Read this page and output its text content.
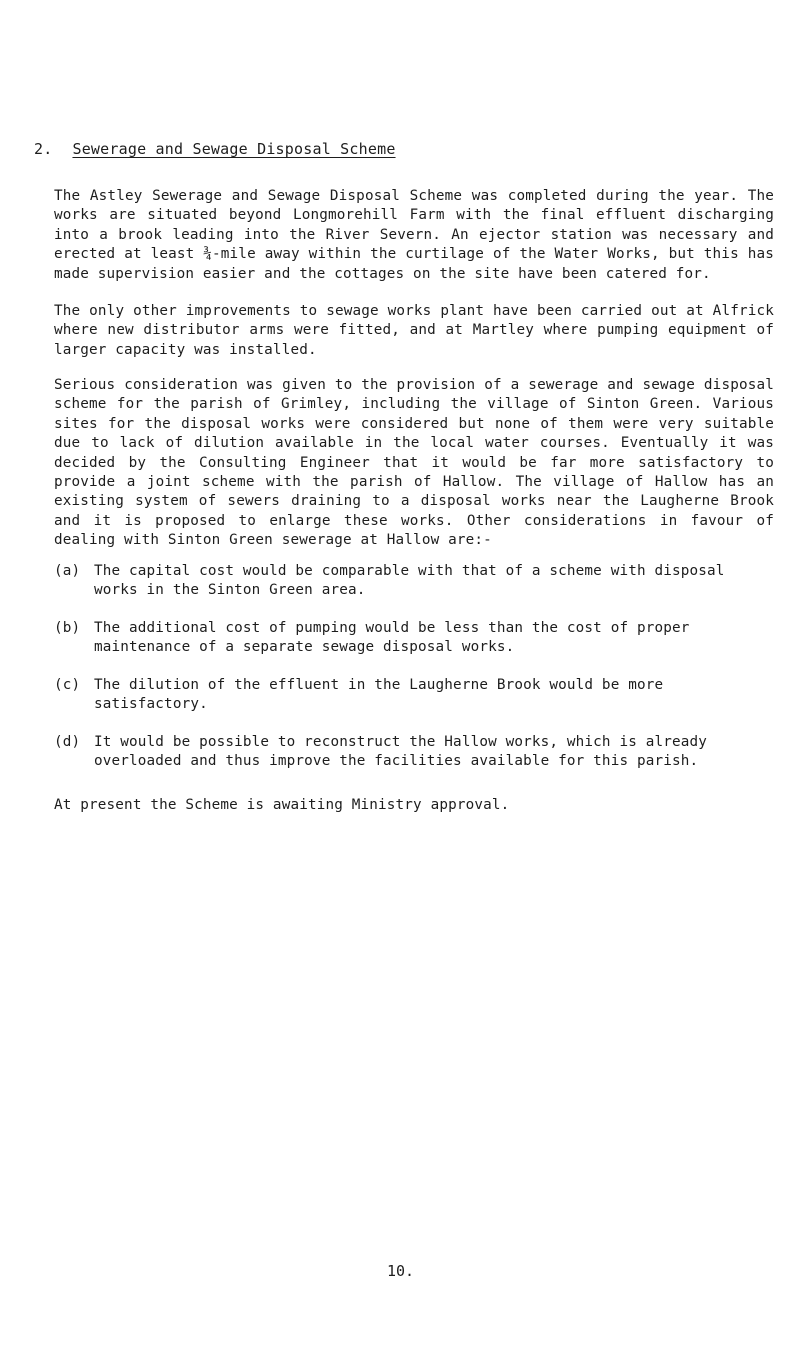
2. Sewerage and Sewage Disposal Scheme
The Astley Sewerage and Sewage Disposal Scheme was completed during the year. The works are situated beyond Longmorehill Farm with the final effluent discharging into a brook leading into the River Severn. An ejector station was necessary and erected at least ¾-mile away within the curtilage of the Water Works, but this has made supervision easier and the cottages on the site have been catered for.
The only other improvements to sewage works plant have been carried out at Alfrick where new distributor arms were fitted, and at Martley where pumping equipment of larger capacity was installed.
Serious consideration was given to the provision of a sewerage and sewage disposal scheme for the parish of Grimley, including the village of Sinton Green. Various sites for the disposal works were considered but none of them were very suitable due to lack of dilution available in the local water courses. Eventually it was decided by the Consulting Engineer that it would be far more satisfactory to provide a joint scheme with the parish of Hallow. The village of Hallow has an existing system of sewers draining to a disposal works near the Laugherne Brook and it is proposed to enlarge these works. Other considerations in favour of dealing with Sinton Green sewerage at Hallow are:-
(a) The capital cost would be comparable with that of a scheme with disposal works in the Sinton Green area.
(b) The additional cost of pumping would be less than the cost of proper maintenance of a separate sewage disposal works.
(c) The dilution of the effluent in the Laugherne Brook would be more satisfactory.
(d) It would be possible to reconstruct the Hallow works, which is already overloaded and thus improve the facilities available for this parish.
At present the Scheme is awaiting Ministry approval.
10.
